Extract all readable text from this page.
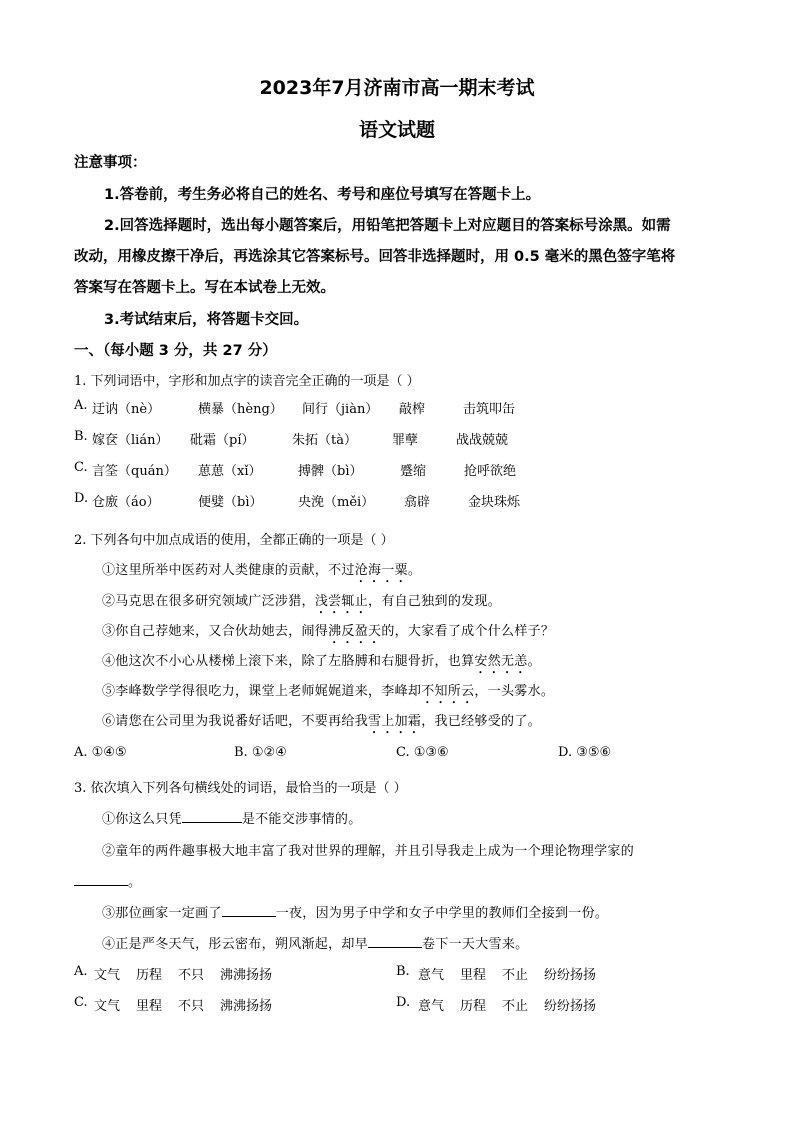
2023年7月济南市高一期末考试
语文试题
注意事项：
1.答卷前，考生务必将自己的姓名、考号和座位号填写在答题卡上。
2.回答选择题时，选出每小题答案后，用铅笔把答题卡上对应题目的答案标号涂黑。如需
改动，用橡皮擦干净后，再选涂其它答案标号。回答非选择题时，用 0.5 毫米的黑色签字笔将
答案写在答题卡上。写在本试卷上无效。
3.考试结束后，将答题卡交回。
一、（每小题 3 分，共 27 分）
1. 下列词语中，字形和加点字的读音完全正确的一项是（ ）
A. 迂讷（nè）	横暴（hèng） 间行（jiàn） 敲榨	击筑叩缶
B. 嫁奁（lián） 砒霜（pí）	朱拓（tà）	罪孽	战战兢兢
C. 言筌（quán） 葸葸（xǐ）	搏髀（bì）	蹙缩	抢呼欲绝
D. 仓廒（áo）	便嬖（bì）	央浼（měi） 翕辟	金块珠烁
2. 下列各句中加点成语的使用，全都正确的一项是（ ）
①这里所举中医药对人类健康的贡献，不过沧海一粟。
②马克思在很多研究领域广泛涉猎，浅尝辄止，有自己独到的发现。
③你自己荐她来，又合伙劫她去，闹得沸反盈天的，大家看了成个什么样子？
④他这次不小心从楼梯上滚下来，除了左胳膊和右腿骨折，也算安然无恙。
⑤李峰数学学得很吃力，课堂上老师娓娓道来，李峰却不知所云，一头雾水。
⑥请您在公司里为我说番好话吧，不要再给我雪上加霜，我已经够受的了。
A. ①④⑤	B. ①②④	C. ①③⑥	D. ③⑤⑥
3. 依次填入下列各句横线处的词语，最恰当的一项是（ ）
①你这么只凭	是不能交涉事情的。
②童年的两件趣事极大地丰富了我对世界的理解，并且引导我走上成为一个理论物理学家的
。
③那位画家一定画了	一夜，因为男子中学和女子中学里的教师们全接到一份。
④正是严冬天气，彤云密布，朔风渐起，却早	卷下一天大雪来。
A. 文气 历程 不只 沸沸扬扬	B. 意气 里程 不止 纷纷扬扬
C. 文气 里程 不只 沸沸扬扬	D. 意气 历程 不止 纷纷扬扬
